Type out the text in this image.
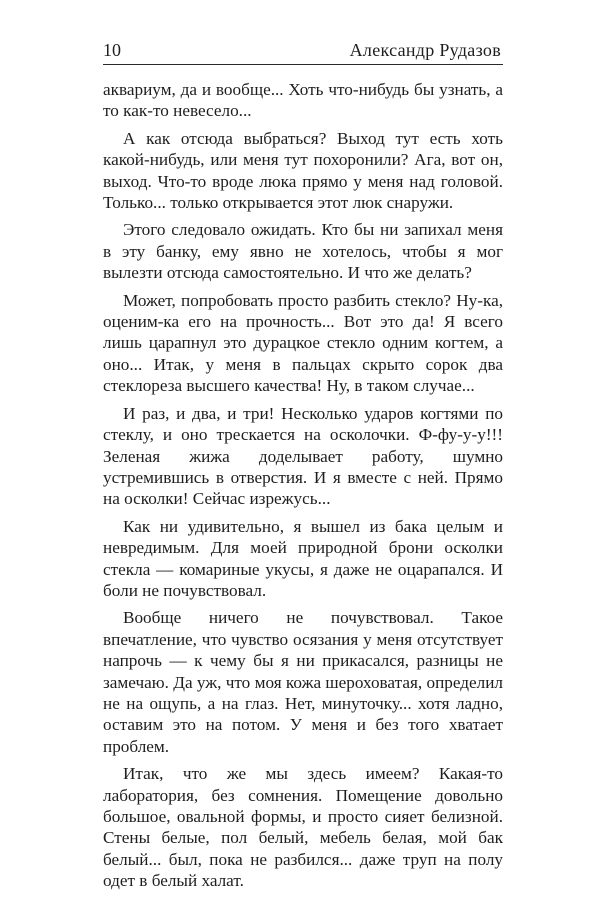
10	Александр Рудазов

аквариум, да и вообще... Хоть что-нибудь бы узнать, а то как-то невесело...

А как отсюда выбраться? Выход тут есть хоть какой-нибудь, или меня тут похоронили? Ага, вот он, выход. Что-то вроде люка прямо у меня над головой. Только... только открывается этот люк снаружи.

Этого следовало ожидать. Кто бы ни запихал меня в эту банку, ему явно не хотелось, чтобы я мог вылезти отсюда самостоятельно. И что же делать?

Может, попробовать просто разбить стекло? Ну-ка, оценим-ка его на прочность... Вот это да! Я всего лишь царапнул это дурацкое стекло одним когтем, а оно... Итак, у меня в пальцах скрыто сорок два стеклореза высшего качества! Ну, в таком случае...

И раз, и два, и три! Несколько ударов когтями по стеклу, и оно трескается на осколочки. Ф-фу-у-у!!! Зеленая жижа доделывает работу, шумно устремившись в отверстия. И я вместе с ней. Прямо на осколки! Сейчас изрежусь...

Как ни удивительно, я вышел из бака целым и невредимым. Для моей природной брони осколки стекла — комариные укусы, я даже не оцарапался. И боли не почувствовал.

Вообще ничего не почувствовал. Такое впечатление, что чувство осязания у меня отсутствует напрочь — к чему бы я ни прикасался, разницы не замечаю. Да уж, что моя кожа шероховатая, определил не на ощупь, а на глаз. Нет, минуточку... хотя ладно, оставим это на потом. У меня и без того хватает проблем.

Итак, что же мы здесь имеем? Какая-то лаборатория, без сомнения. Помещение довольно большое, овальной формы, и просто сияет белизной. Стены белые, пол белый, мебель белая, мой бак белый... был, пока не разбился... даже труп на полу одет в белый халат.
